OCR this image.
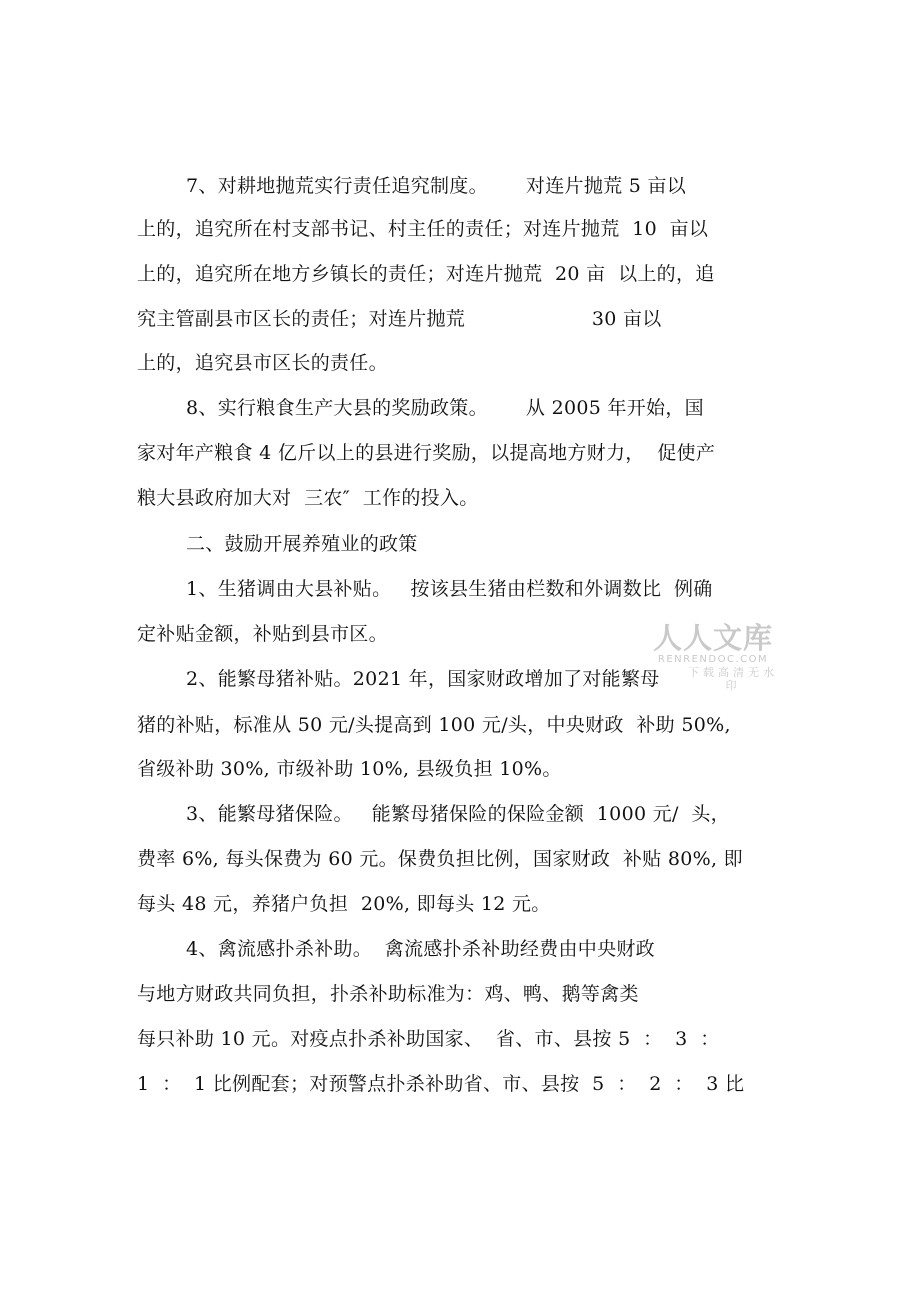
7、对耕地抛荒实行责任追究制度。      对连片抛荒 5 亩以
上的，追究所在村支部书记、村主任的责任；对连片抛荒  10  亩以
上的，追究所在地方乡镇长的责任；对连片抛荒  20 亩  以上的，追
究主管副县市区长的责任；对连片抛荒                    30 亩以
上的，追究县市区长的责任。
8、实行粮食生产大县的奖励政策。      从 2005 年开始，国
家对年产粮食 4 亿斤以上的县进行奖励，以提高地方财力，  促使产
粮大县政府加大对  三农″  工作的投入。
二、鼓励开展养殖业的政策
1、生猪调由大县补贴。   按该县生猪由栏数和外调数比  例确
定补贴金额，补贴到县市区。
2、能繁母猪补贴。2021 年，国家财政增加了对能繁母
猪的补贴，标准从 50 元/头提高到 100 元/头，中央财政  补助 50%,
省级补助 30%, 市级补助 10%, 县级负担 10%。
3、能繁母猪保险。   能繁母猪保险的保险金额  1000 元/  头，
费率 6%, 每头保费为 60 元。保费负担比例，国家财政  补贴 80%, 即
每头 48 元，养猪户负担  20%, 即每头 12 元。
4、禽流感扑杀补助。  禽流感扑杀补助经费由中央财政
与地方财政共同负担，扑杀补助标准为：鸡、鸭、鹅等禽类
每只补助 10 元。对疫点扑杀补助国家、  省、市、县按 5  ：  3  ：
1  ：  1 比例配套；对预警点扑杀补助省、市、县按  5  ：  2  ：  3 比
人人文库
RENRENDOC.COM
下载高清无水印
